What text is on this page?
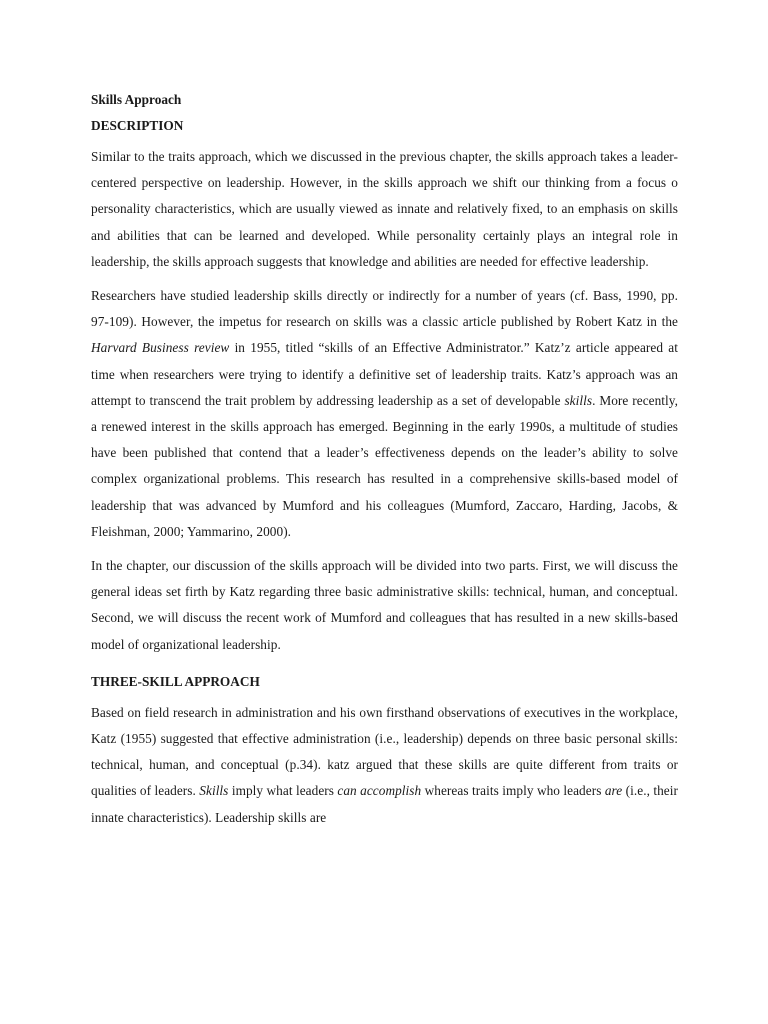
Skills Approach
DESCRIPTION

Similar to the traits approach, which we discussed in the previous chapter, the skills approach takes a leader-centered perspective on leadership. However, in the skills approach we shift our thinking from a focus o personality characteristics, which are usually viewed as innate and relatively fixed, to an emphasis on skills and abilities that can be learned and developed. While personality certainly plays an integral role in leadership, the skills approach suggests that knowledge and abilities are needed for effective leadership.

Researchers have studied leadership skills directly or indirectly for a number of years (cf. Bass, 1990, pp. 97-109). However, the impetus for research on skills was a classic article published by Robert Katz in the Harvard Business review in 1955, titled “skills of an Effective Administrator.” Katz’z article appeared at time when researchers were trying to identify a definitive set of leadership traits. Katz’s approach was an attempt to transcend the trait problem by addressing leadership as a set of developable skills. More recently, a renewed interest in the skills approach has emerged. Beginning in the early 1990s, a multitude of studies have been published that contend that a leader’s effectiveness depends on the leader’s ability to solve complex organizational problems. This research has resulted in a comprehensive skills-based model of leadership that was advanced by Mumford and his colleagues (Mumford, Zaccaro, Harding, Jacobs, & Fleishman, 2000; Yammarino, 2000).

In the chapter, our discussion of the skills approach will be divided into two parts. First, we will discuss the general ideas set firth by Katz regarding three basic administrative skills: technical, human, and conceptual. Second, we will discuss the recent work of Mumford and colleagues that has resulted in a new skills-based model of organizational leadership.

THREE-SKILL APPROACH

Based on field research in administration and his own firsthand observations of executives in the workplace, Katz (1955) suggested that effective administration (i.e., leadership) depends on three basic personal skills: technical, human, and conceptual (p.34). katz argued that these skills are quite different from traits or qualities of leaders. Skills imply what leaders can accomplish whereas traits imply who leaders are (i.e., their innate characteristics). Leadership skills are
